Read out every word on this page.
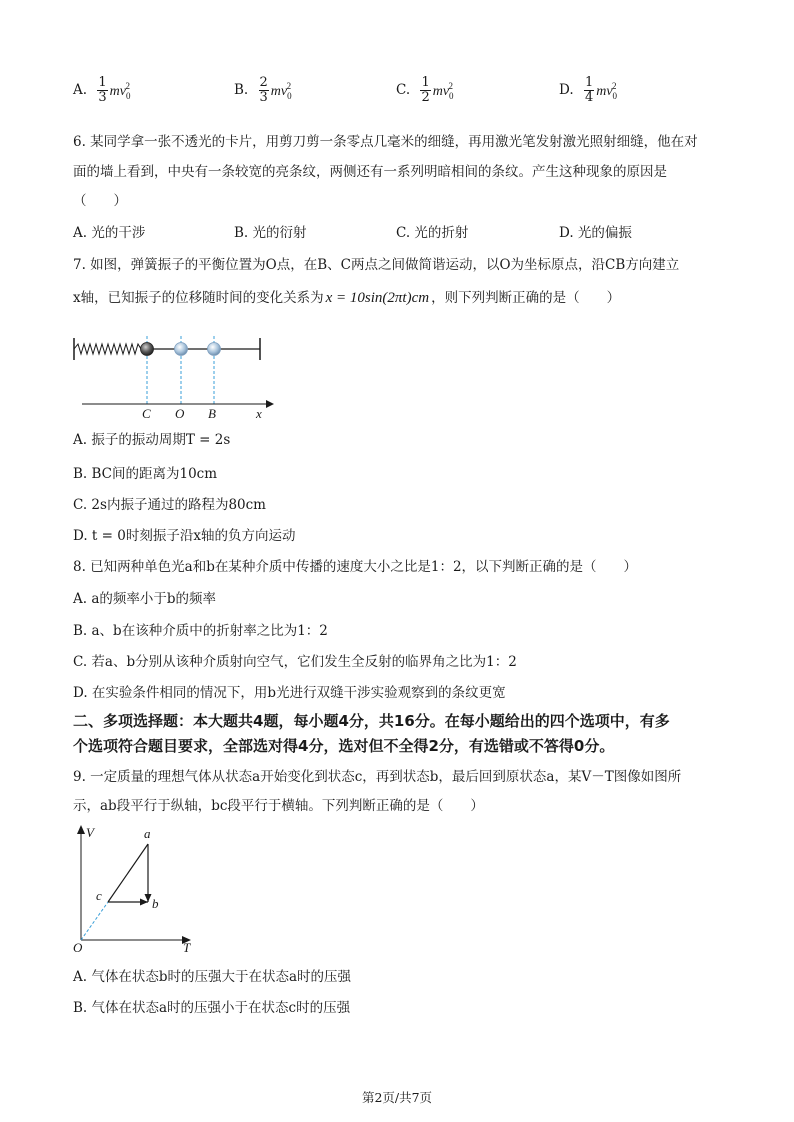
A. $\frac{1}{3} mv_0^2$	B. $\frac{2}{3} mv_0^2$	C. $\frac{1}{2} mv_0^2$	D. $\frac{1}{4} mv_0^2$
6. 某同学拿一张不透光的卡片，用剪刀剪一条零点几毫米的细缝，再用激光笔发射激光照射细缝，他在对
面的墙上看到，中央有一条较宽的亮条纹，两侧还有一系列明暗相间的条纹。产生这种现象的原因是
（　　）
A. 光的干涉	B. 光的衍射	C. 光的折射	D. 光的偏振
7. 如图，弹簧振子的平衡位置为O点，在B、C两点之间做简谐运动，以O为坐标原点，沿CB方向建立
x轴，已知振子的位移随时间的变化关系为 x = 10sin(2πt)cm ，则下列判断正确的是（　　）
C O B	x
A. 振子的振动周期T = 2s
B. BC间的距离为10cm
C. 2s内振子通过的路程为80cm
D. t = 0时刻振子沿x轴的负方向运动
8. 已知两种单色光a和b在某种介质中传播的速度大小之比是1：2，以下判断正确的是（　　）
A. a的频率小于b的频率
B. a、b在该种介质中的折射率之比为1：2
C. 若a、b分别从该种介质射向空气，它们发生全反射的临界角之比为1：2
D. 在实验条件相同的情况下，用b光进行双缝干涉实验观察到的条纹更宽
二、多项选择题：本大题共4题，每小题4分，共16分。在每小题给出的四个选项中，有多
个选项符合题目要求，全部选对得4分，选对但不全得2分，有选错或不答得0分。
9. 一定质量的理想气体从状态a开始变化到状态c，再到状态b，最后回到原状态a，某V－T图像如图所
示，ab段平行于纵轴，bc段平行于横轴。下列判断正确的是（　　）
V	a
c
b
O	T
A. 气体在状态b时的压强大于在状态a时的压强
B. 气体在状态a时的压强小于在状态c时的压强
第2页/共7页
